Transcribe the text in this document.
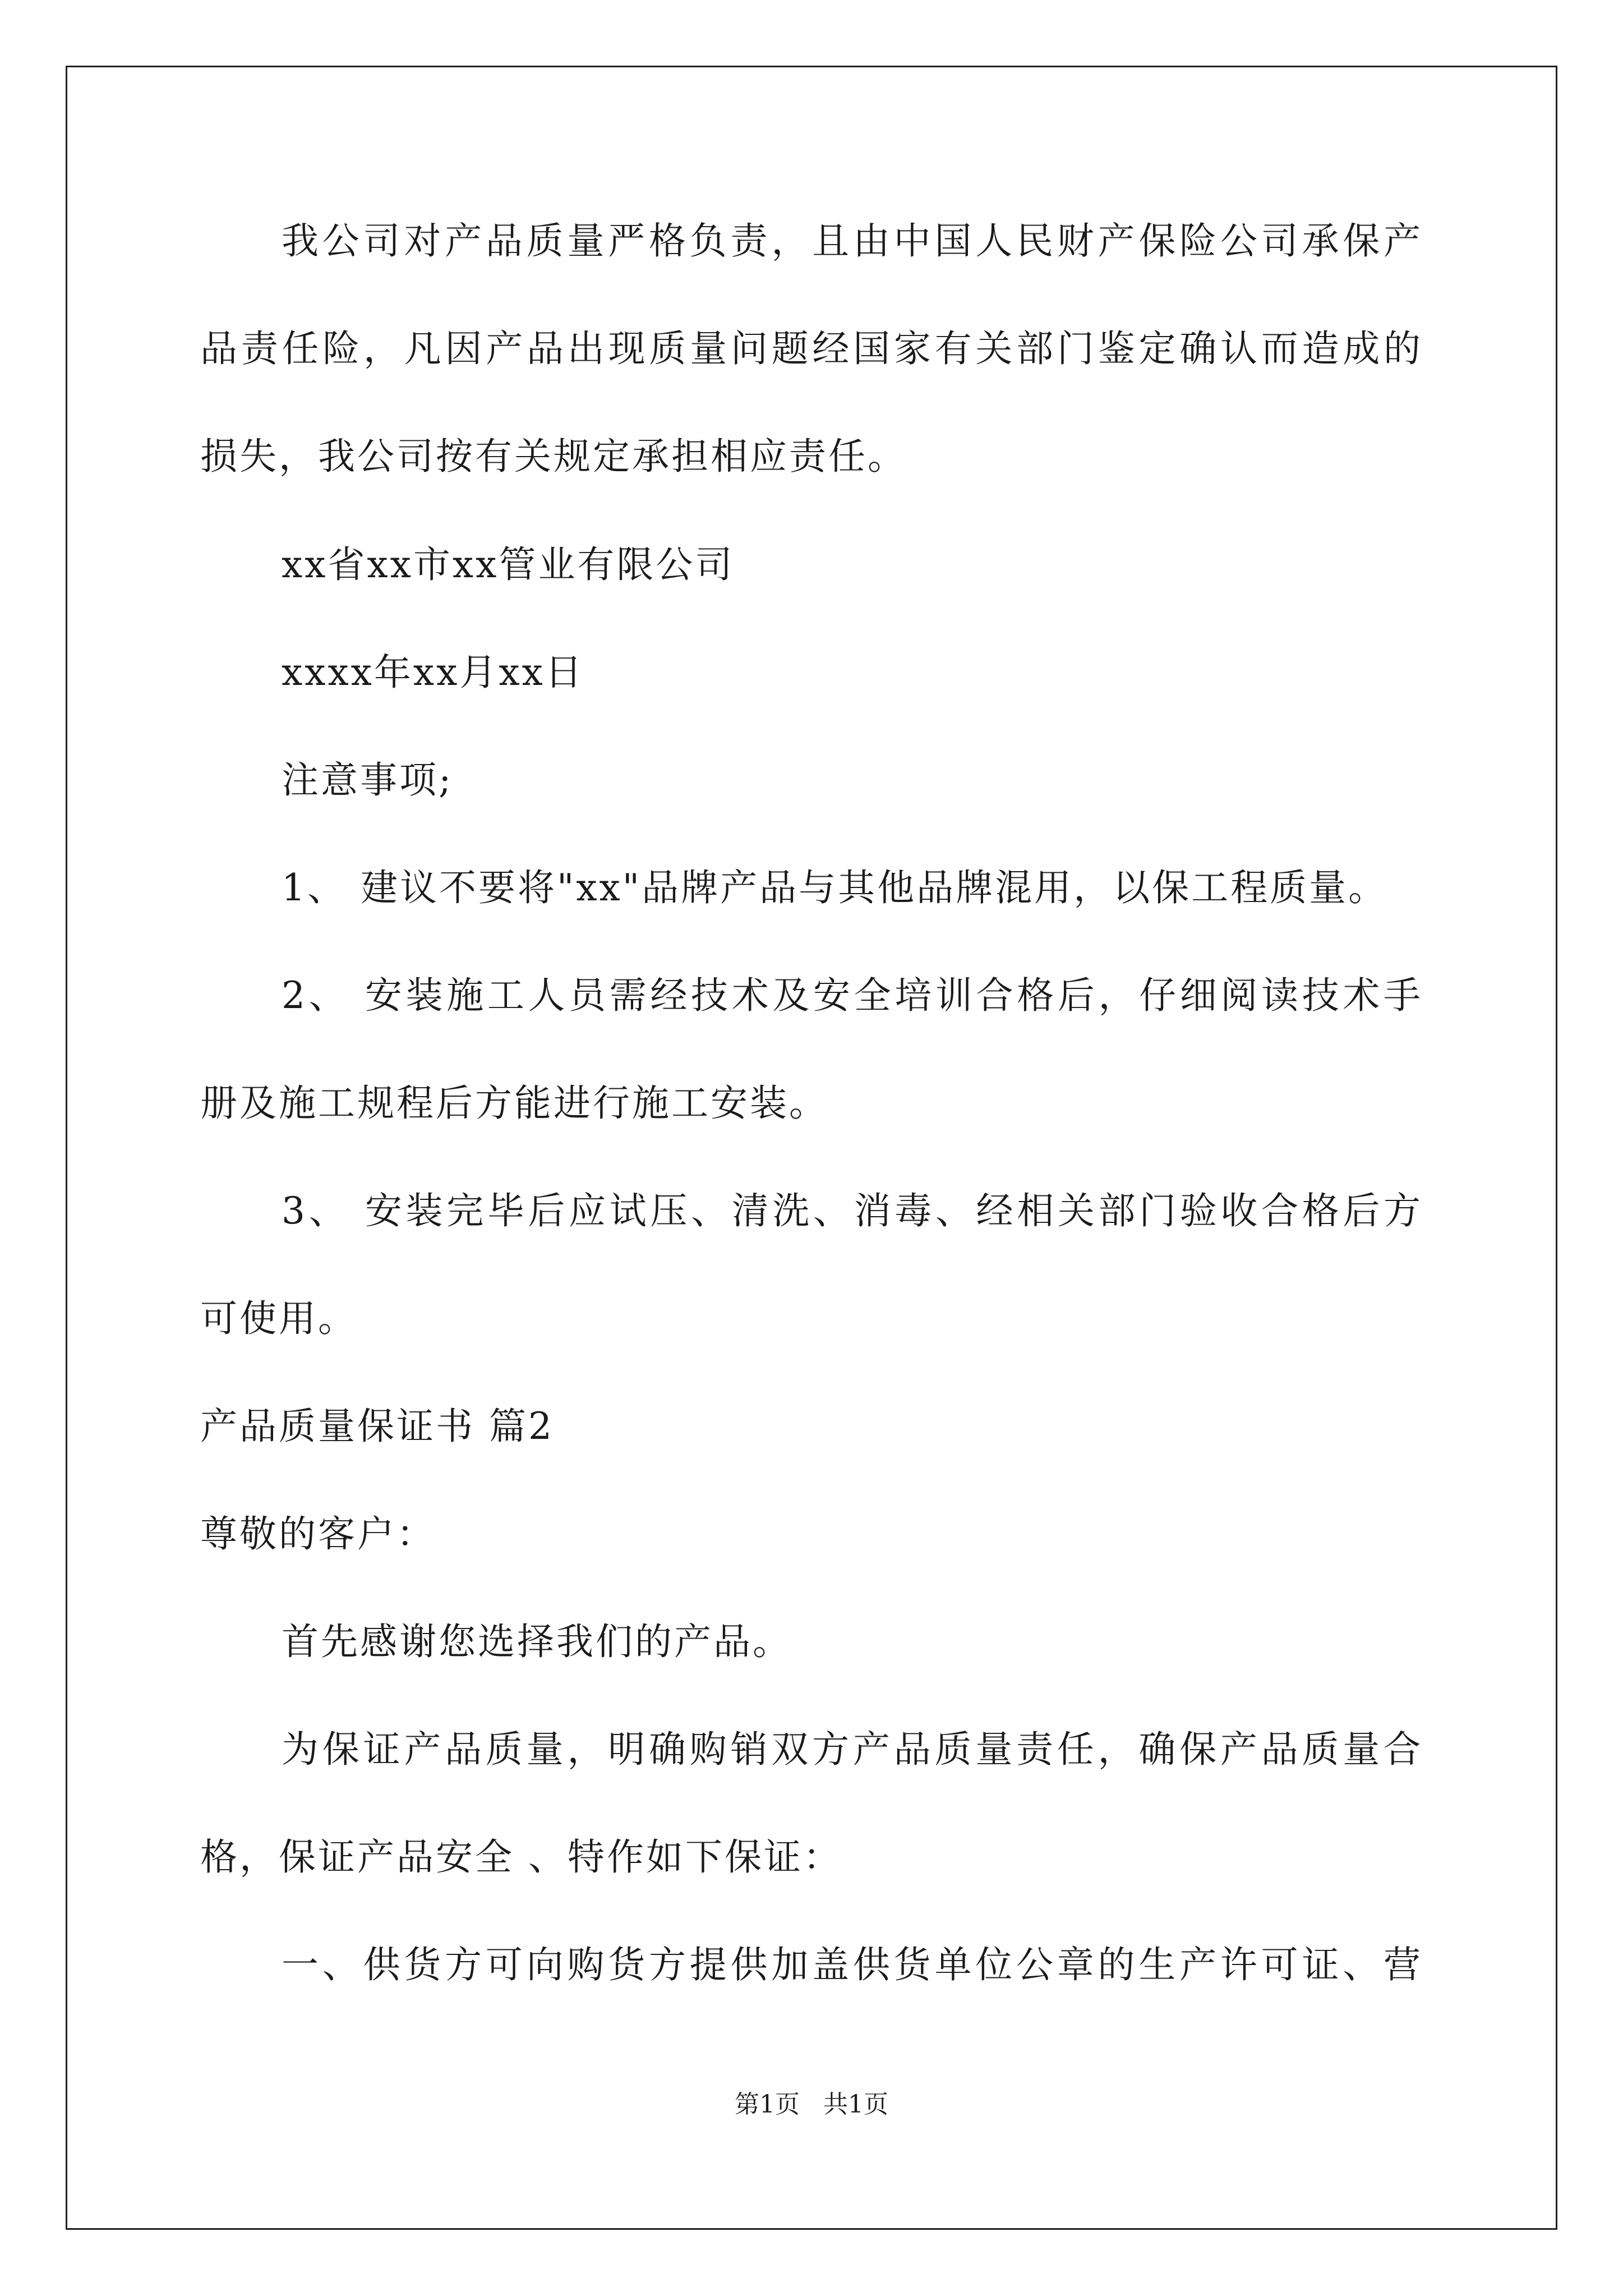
我公司对产品质量严格负责，且由中国人民财产保险公司承保产
品责任险，凡因产品出现质量问题经国家有关部门鉴定确认而造成的
损失，我公司按有关规定承担相应责任。
xx省xx市xx管业有限公司
xxxx年xx月xx日
注意事项;
1、 建议不要将"xx"品牌产品与其他品牌混用，以保工程质量。
2、 安装施工人员需经技术及安全培训合格后，仔细阅读技术手
册及施工规程后方能进行施工安装。
3、 安装完毕后应试压、清洗、消毒、经相关部门验收合格后方
可使用。
产品质量保证书 篇2
尊敬的客户：
首先感谢您选择我们的产品。
为保证产品质量，明确购销双方产品质量责任，确保产品质量合
格，保证产品安全 、特作如下保证：
一、供货方可向购货方提供加盖供货单位公章的生产许可证、营
第1页   共1页
